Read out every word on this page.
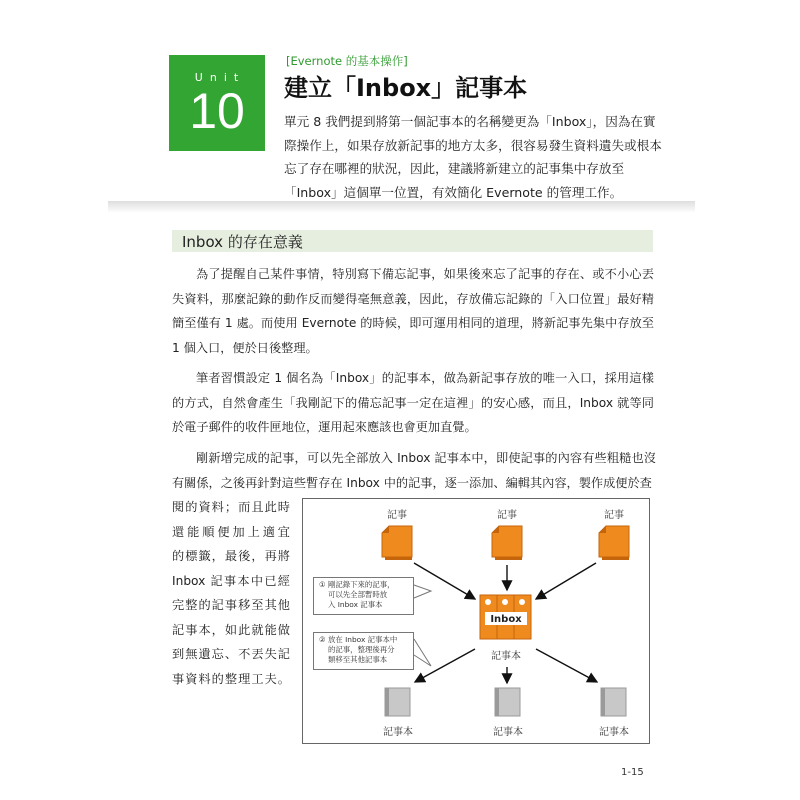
Unit
10
[Evernote 的基本操作]
建立「Inbox」記事本
單元 8 我們提到將第一個記事本的名稱變更為「Inbox」，因為在實際操作上，如果存放新記事的地方太多，很容易發生資料遺失或根本忘了存在哪裡的狀況，因此，建議將新建立的記事集中存放至「Inbox」這個單一位置，有效簡化 Evernote 的管理工作。
Inbox 的存在意義
為了提醒自己某件事情，特別寫下備忘記事，如果後來忘了記事的存在、或不小心丟失資料，那麼記錄的動作反而變得毫無意義，因此，存放備忘記錄的「入口位置」最好精簡至僅有 1 處。而使用 Evernote 的時候，即可運用相同的道理，將新記事先集中存放至 1 個入口，便於日後整理。
筆者習慣設定 1 個名為「Inbox」的記事本，做為新記事存放的唯一入口，採用這樣的方式，自然會產生「我剛記下的備忘記事一定在這裡」的安心感，而且，Inbox 就等同於電子郵件的收件匣地位，運用起來應該也會更加直覺。
剛新增完成的記事，可以先全部放入 Inbox 記事本中，即使記事的內容有些粗糙也沒有關係，之後再針對這些暫存在 Inbox 中的記事，逐一添加、編輯其內容，製作成便於查
閱的資料；而且此時
還能順便加上適宜
的標籤，最後，再將
Inbox 記事本中已經
完整的記事移至其他
記事本，如此就能做
到無遺忘、不丟失記
事資料的整理工夫。
記事	記事	記事
Inbox
記事本
記事本	記事本	記事本
① 剛記錄下來的記事，
可以先全部暫時放
入 Inbox 記事本
② 放在 Inbox 記事本中
的記事，整理後再分
類移至其他記事本
1-15
